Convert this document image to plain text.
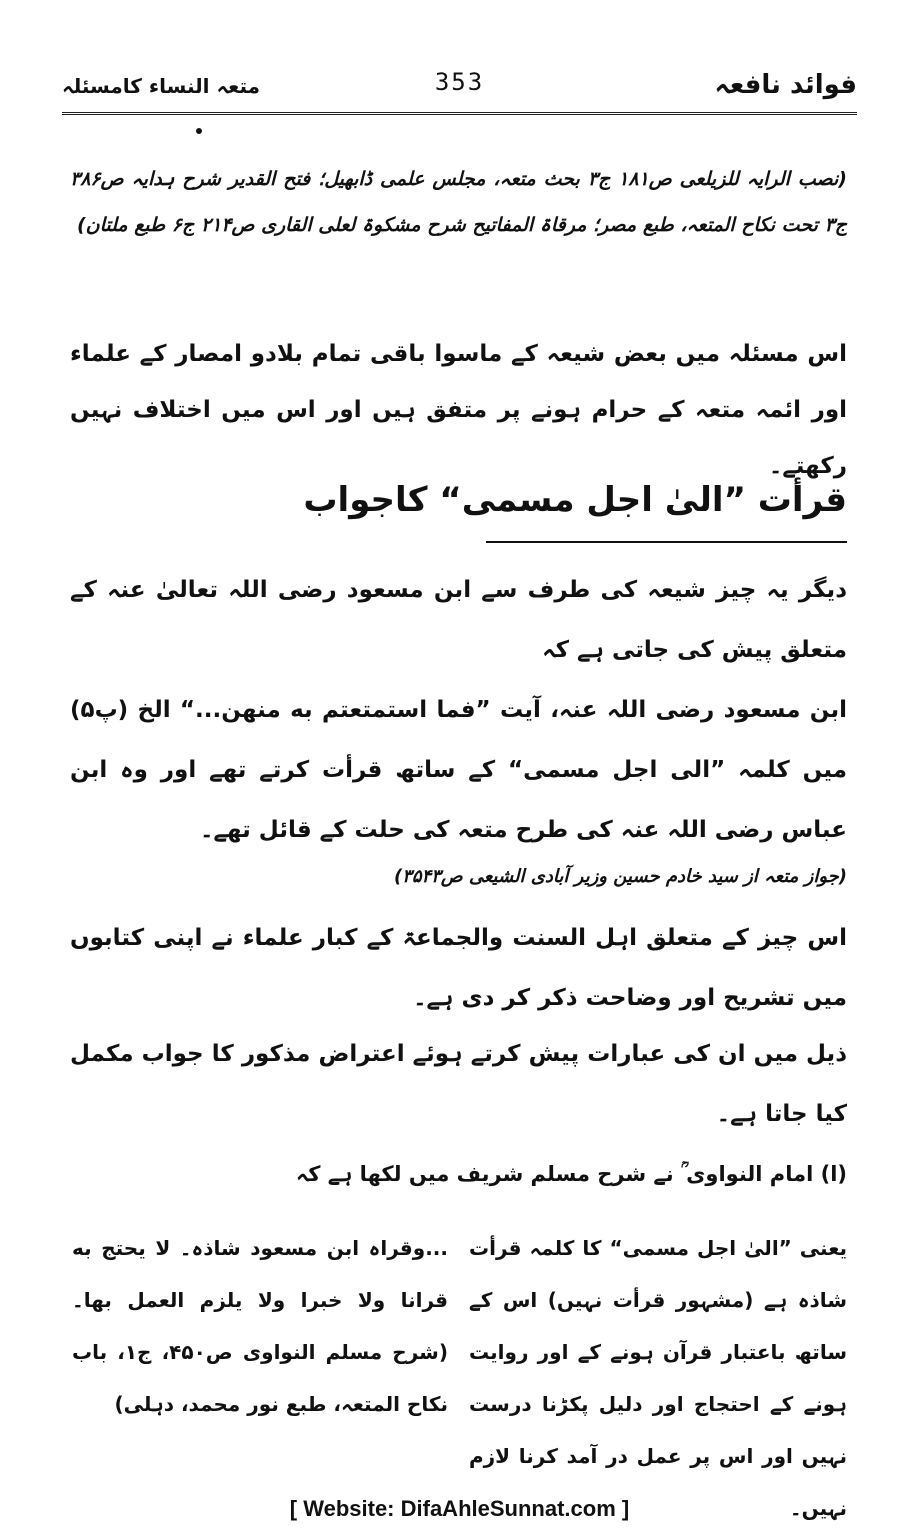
متعہ النساء کامسئلہ	353	فوائد نافعہ
(نصب الرایہ للزیلعی ص۱۸۱ ج۳ بحث متعہ، مجلس علمی ڈابھیل؛ فتح القدیر شرح ہدایہ ص۳۸۶ ج۳ تحت نکاح المتعہ، طبع مصر؛ مرقاۃ المفاتیح شرح مشکوۃ لعلی القاری ص۲۱۴ ج۶ طبع ملتان)
اس مسئلہ میں بعض شیعہ کے ماسوا باقی تمام بلادو امصار کے علماء اور ائمہ متعہ کے حرام ہونے پر متفق ہیں اور اس میں اختلاف نہیں رکھتے۔
قرأت ”الیٰ اجل مسمی“ کاجواب
دیگر یہ چیز شیعہ کی طرف سے ابن مسعود رضی اللہ تعالیٰ عنہ کے متعلق پیش کی جاتی ہے کہ
ابن مسعود رضی اللہ عنہ، آیت ”فما استمتعتم به منهن...“ الخ (پ۵) میں کلمہ ”الی اجل مسمی“ کے ساتھ قرأت کرتے تھے اور وہ ابن عباس رضی اللہ عنہ کی طرح متعہ کی حلت کے قائل تھے۔
(جواز متعہ از سید خادم حسین وزیر آبادی الشیعی ص۳۵۴۳)
اس چیز کے متعلق اہل السنت والجماعۃ کے کبار علماء نے اپنی کتابوں میں تشریح اور وضاحت ذکر کر دی ہے۔
ذیل میں ان کی عبارات پیش کرتے ہوئے اعتراض مذکور کا جواب مکمل کیا جاتا ہے۔
(ا) امام النواوی ؒ نے شرح مسلم شریف میں لکھا ہے کہ
یعنی ”الیٰ اجل مسمی“ کا کلمہ قرأت شاذہ ہے (مشہور قرأت نہیں) اس کے ساتھ باعتبار قرآن ہونے کے اور روایت ہونے کے احتجاج اور دلیل پکڑنا درست نہیں اور اس پر عمل در آمد کرنا لازم نہیں۔
...وقراہ ابن مسعود شاذہ۔ لا یحتج به قرانا ولا خبرا ولا یلزم العمل بها۔ (شرح مسلم النواوی ص۴۵۰، ج۱، باب نکاح المتعہ، طبع نور محمد، دہلی)
[ Website: DifaAhleSunnat.com ]
